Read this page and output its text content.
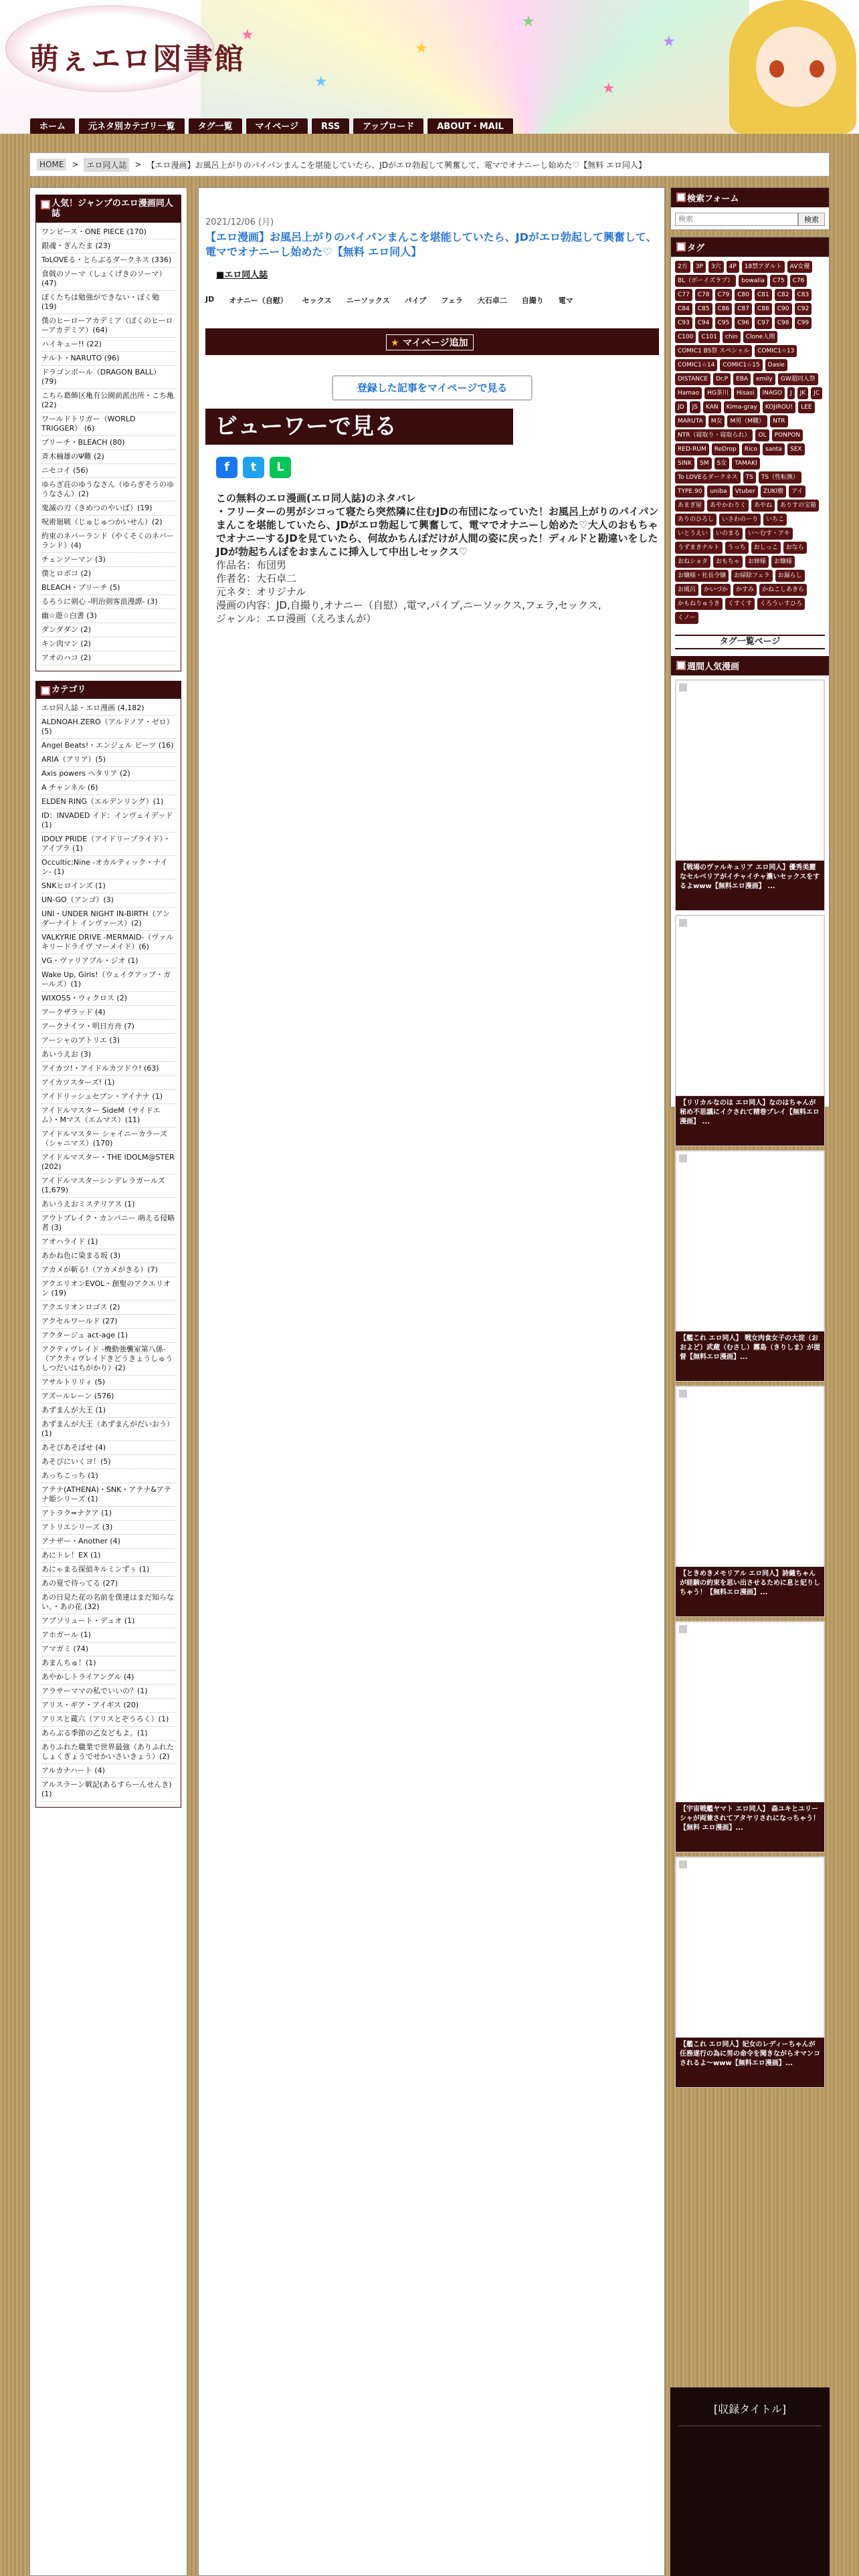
★
★
★
★
★
★
萌ぇエロ図書館
ホーム	元ネタ別カテゴリ一覧	タグ一覧	マイページ	RSS	アップロード	ABOUT・MAIL
HOME	>	エロ同人誌	> 【エロ漫画】お風呂上がりのパイパンまんこを堪能していたら、JDがエロ勃起して興奮して、電マでオナニーし始めた♡【無料 エロ同人】
人気！ジャンプのエロ漫画同人誌
ワンピース・ONE PIECE (170)
銀魂・ぎんたま (23)
ToLOVEる・とらぶるダークネス (336)
食戟のソーマ（しょくげきのソーマ）(47)
ぼくたちは勉強ができない・ぼく勉 (19)
僕のヒーローアカデミア（ぼくのヒーローアカデミア）(64)
ハイキュー!! (22)
ナルト・NARUTO (96)
ドラゴンボール（DRAGON BALL）(79)
こちら葛飾区亀有公園前派出所・こち亀 (22)
ワールドトリガー（WORLD TRIGGER） (6)
ブリーチ・BLEACH (80)
斉木楠雄のΨ難 (2)
ニセコイ (56)
ゆらぎ荘のゆうなさん（ゆらぎそうのゆうなさん）(2)
鬼滅の刃（きめつのやいば）(19)
呪術廻戦（じゅじゅつかいせん）(2)
約束のネバーランド（やくそくのネバーランド）(4)
チェンソーマン (3)
僕とロボコ (2)
BLEACH・ブリーチ (5)
るろうに剣心 -明治剣客浪漫譚- (3)
幽☆遊☆白書 (3)
ダンダダン (2)
キン肉マン (2)
アオのハコ (2)
カテゴリ
エロ同人誌・エロ漫画 (4,182)
ALDNOAH.ZERO（アルドノア・ゼロ）(5)
Angel Beats!・エンジェル ビーツ (16)
ARIA（アリア）(5)
Axis powers ヘタリア (2)
A チャンネル (6)
ELDEN RING（エルデンリング）(1)
ID：INVADED イド：インヴェイデッド (1)
IDOLY PRIDE（アイドリープライド）・アイプラ (1)
Occultic;Nine -オカルティック・ナイン- (1)
SNKヒロインズ (1)
UN-GO（アンゴ）(3)
UNI・UNDER NIGHT IN-BIRTH（アンダーナイト インヴァース）(2)
VALKYRIE DRIVE -MERMAID-（ヴァルキリードライヴ マーメイド）(6)
VG・ヴァリアブル・ジオ (1)
Wake Up, Girls!（ウェイクアップ・ガールズ）(1)
WIXOSS・ウィクロス (2)
アークザラッド (4)
アークナイツ・明日方舟 (7)
アーシャのアトリエ (3)
あいうえお (3)
アイカツ!・アイドルカツドウ! (63)
アイカツスターズ! (1)
アイドリッシュセブン・アイナナ (1)
アイドルマスター SideM（サイドエム）・Mマス（エムマス）(11)
アイドルマスター シャイニーカラーズ（シャニマス）(170)
アイドルマスター・THE IDOLM@STER (202)
アイドルマスターシンデレラガールズ (1,679)
あいうえおミステリアス (1)
アウトブレイク・カンパニー 萌える侵略者 (3)
アオハライド (1)
あかね色に染まる坂 (3)
アカメが斬る!（アカメがきる）(7)
アクエリオンEVOL・創聖のアクエリオン (19)
アクエリオンロゴス (2)
アクセルワールド (27)
アクタージュ act-age (1)
アクティヴレイド -機動強襲室第八係-（アクティヴレイドきどうきょうしゅうしつだいはちがかり）(2)
アサルトリリィ (5)
アズールレーン (576)
あずまんが大王 (1)
あずまんが大王（あずまんがだいおう）(1)
あそびあそばせ (4)
あそびにいくヨ！(5)
あっちこっち (1)
アテナ(ATHENA)・SNK・アテナ&アテナ姫シリーズ (1)
アトラク=ナクア (1)
アトリエシリーズ (3)
アナザー・Another (4)
あにトレ！EX (1)
あにゃまる探偵キルミンずぅ (1)
あの夏で待ってる (27)
あの日見た花の名前を僕達はまだ知らない。・あの花 (32)
アブソリュート・デュオ (1)
アホガール (1)
アマガミ (74)
あまんちゅ！(1)
あやかしトライアングル (4)
アラサーママの私でいいの？(1)
アリス・ギア・アイギス (20)
アリスと蔵六（アリスとぞうろく）(1)
あらぶる季節の乙女どもよ。(1)
ありふれた職業で世界最強（ありふれたしょくぎょうでせかいさいきょう）(2)
アルカナハート (4)
アルスラーン戦記(あるすらーんせんき) (1)
2021/12/06 (月)
【エロ漫画】お風呂上がりのパイパンまんこを堪能していたら、JDがエロ勃起して興奮して、電マでオナニーし始めた♡【無料 エロ同人】
■エロ同人誌
JD オナニー（自慰） セックス ニーソックス パイプ フェラ 大石卓二 自撮り 電マ
★ マイページ追加
登録した記事をマイページで見る
ビューワーで見る
f	t	L
この無料のエロ漫画(エロ同人誌)のネタバレ
・フリーターの男がシコって寝たら突然隣に住むJDの布団になっていた！お風呂上がりのパイパンまんこを堪能していたら、JDがエロ勃起して興奮して、電マでオナニーし始めた♡大人のおもちゃでオナニーするJDを見ていたら、何故かちんぽだけが人間の姿に戻った！ディルドと勘違いをしたJDが勃起ちんぽをおまんこに挿入して中出しセックス♡

作品名：布団男

作者名：大石卓二

元ネタ：オリジナル

漫画の内容：JD,自撮り,オナニー（自慰）,電マ,パイプ,ニーソックス,フェラ,セックス,

ジャンル：エロ漫画（えろまんが）

検索フォーム
検索
検索
タグ
2方	3P	3穴	4P	18禁アダルト	AV女優
BL（ボーイズラブ）	bowalia	C75	C76
C77	C78	C79	C80	C81	C82	C83
C84	C85	C86	C87	C88	C90	C92
C93	C94	C95	C96	C97	C98	C99
C100	C101	chin	Clone人間
COMIC1 BS祭 スペシャル	COMIC1☆13
COMIC1☆14	COMIC1☆15	Dasie
DISTANCE	Dr.P	EBA	emily	GW超同人祭
Hamao	HG茶川	Hisasi	INAGO	J	JK	JC
JD	JS	KAN	Kima-gray	KOJIROU!	LEE
MARUTA	M女	M男（M職）	NTR
NTR（寝取り・寝取られ）	OL	PONPON
RED-RUM	ReDrop	Rico	santa	SEX
SINK	SM	S女	TAMAKI
To LOVEるダークネス	TS	TS（性転換）
TYPE.90	uniba	Vtuber	ZUKI樹	アイ
あまぎ屋	あやかわりく	あやね	ありすの宝箱
ありのひろし	いさわのーり	いちこ
いとうえい	いのまる	い〜むす・アキ
うずまきナルト	うっち	おしっこ	おなら
おねショタ	おもちゃ	お姉様	お嬢様
お嬢様・社長令嬢	お掃除フェラ	お漏らし
お風呂	かいづか	かすみ	かねこしあきら
かもねりゅうき	くすくす	くろうぃすひろ
くノー
タグ一覧ページ
週間人気漫画
【戦場のヴァルキュリア エロ同人】優秀美麗なセルベリアがイチャイチャ濃いセックスをするよwww【無料エロ漫画】 ...
【リリカルなのは エロ同人】なのはちゃんが秘め不思議にイクされて精巻プレイ【無料エロ漫画】 ...
【艦これ エロ同人】 戦女肉食女子の大淀（おおよど）武蔵（むさし）霧島（きりしま）が提督【無料エロ漫画】...
【ときめきメモリアル エロ同人】詩織ちゃんが経験の約束を思い出させるために息と妃りしちゃう！【無料エロ漫画】...
【宇宙戦艦ヤマト エロ同人】 森ユキとユリーシャが両兼されてアタヤリされになっちゃう！【無料 エロ漫画】...
【艦これ エロ同人】妃女のレディーちゃんが任務遂行の為に男の命令を聞きながらオマンコされるよ〜www【無料エロ漫画】...
[収録タイトル]
